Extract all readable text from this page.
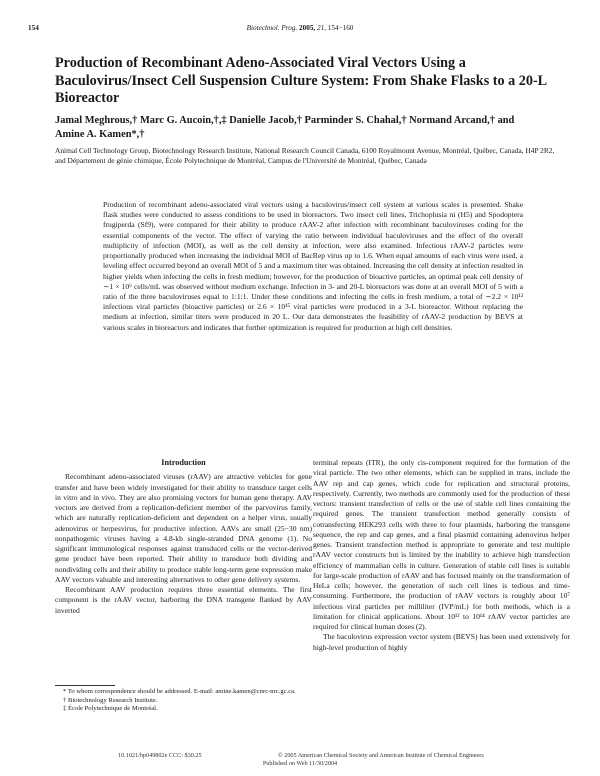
154	Biotechnol. Prog. 2005, 21, 154−160
Production of Recombinant Adeno-Associated Viral Vectors Using a Baculovirus/Insect Cell Suspension Culture System: From Shake Flasks to a 20-L Bioreactor
Jamal Meghrous,† Marc G. Aucoin,†,‡ Danielle Jacob,† Parminder S. Chahal,† Normand Arcand,† and Amine A. Kamen*,†
Animal Cell Technology Group, Biotechnology Research Institute, National Research Council Canada, 6100 Royalmount Avenue, Montréal, Québec, Canada, H4P 2R2, and Département de génie chimique, École Polytechnique de Montréal, Campus de l'Université de Montréal, Québec, Canada
Production of recombinant adeno-associated viral vectors using a baculovirus/insect cell system at various scales is presented. Shake flask studies were conducted to assess conditions to be used in bioreactors. Two insect cell lines, Trichoplusia ni (H5) and Spodoptera frugiperda (Sf9), were compared for their ability to produce rAAV-2 after infection with recombinant baculoviruses coding for the essential components of the vector. The effect of varying the ratio between individual baculoviruses and the effect of the overall multiplicity of infection (MOI), as well as the cell density at infection, were also examined. Infectious rAAV-2 particles were proportionally produced when increasing the individual MOI of BacRep virus up to 1.6. When equal amounts of each virus were used, a leveling effect occurred beyond an overall MOI of 5 and a maximum titer was obtained. Increasing the cell density at infection resulted in higher yields when infecting the cells in fresh medium; however, for the production of bioactive particles, an optimal peak cell density of ∼1 × 10⁶ cells/mL was observed without medium exchange. Infection in 3- and 20-L bioreactors was done at an overall MOI of 5 with a ratio of the three baculoviruses equal to 1:1:1. Under these conditions and infecting the cells in fresh medium, a total of ∼2.2 × 10¹² infectious viral particles (bioactive particles) or 2.6 × 10¹⁵ viral particles were produced in a 3-L bioreactor. Without replacing the medium at infection, similar titers were produced in 20 L. Our data demonstrates the feasibility of rAAV-2 production by BEVS at various scales in bioreactors and indicates that further optimization is required for production at high cell densities.
Introduction

Recombinant adeno-associated viruses (rAAV) are attractive vehicles for gene transfer and have been widely investigated for their ability to transduce target cells in vitro and in vivo. They are also promising vectors for human gene therapy. AAV vectors are derived from a replication-deficient member of the parvovirus family, which are naturally replication-deficient and dependent on a helper virus, usually adenovirus or herpesvirus, for productive infection. AAVs are small (25−30 nm) nonpathogenic viruses having a 4.8-kb single-stranded DNA genome (1). No significant immunological responses against transduced cells or the vector-derived gene product have been reported. Their ability to transduce both dividing and nondividing cells and their ability to produce stable long-term gene expression make AAV vectors valuable and interesting alternatives to other gene delivery systems.

Recombinant AAV production requires three essential elements. The first component is the rAAV vector, harboring the DNA transgene flanked by AAV inverted

terminal repeats (ITR), the only cis-component required for the formation of the viral particle. The two other elements, which can be supplied in trans, include the AAV rep and cap genes, which code for replication and structural proteins, respectively. Currently, two methods are commonly used for the production of these vectors: transient transfection of cells or the use of stable cell lines containing the required genes. The transient transfection method generally consists of cotransfecting HEK293 cells with three to four plasmids, harboring the transgene sequence, the rep and cap genes, and a final plasmid containing adenovirus helper genes. Transient transfection method is appropriate to generate and test multiple rAAV vector constructs but is limited by the inability to achieve high transfection efficiency of mammalian cells in culture. Generation of stable cell lines is suitable for large-scale production of rAAV and has focused mainly on the transformation of HeLa cells; however, the generation of such cell lines is tedious and time-consuming. Furthermore, the production of rAAV vectors is roughly about 10⁷ infectious viral particles per milliliter (IVP/mL) for both methods, which is a limitation for clinical applications. About 10¹² to 10¹⁴ rAAV vector particles are required for clinical human doses (2).

The baculovirus expression vector system (BEVS) has been used extensively for high-level production of highly

* To whom correspondence should be addressed. E-mail: amine.kamen@cnrc-nrc.gc.ca.
† Biotechnology Research Institute.
‡ École Polytechnique de Montréal.
10.1021/bp049802e CCC: $30.25	© 2005 American Chemical Society and American Institute of Chemical Engineers
Published on Web 11/30/2004
